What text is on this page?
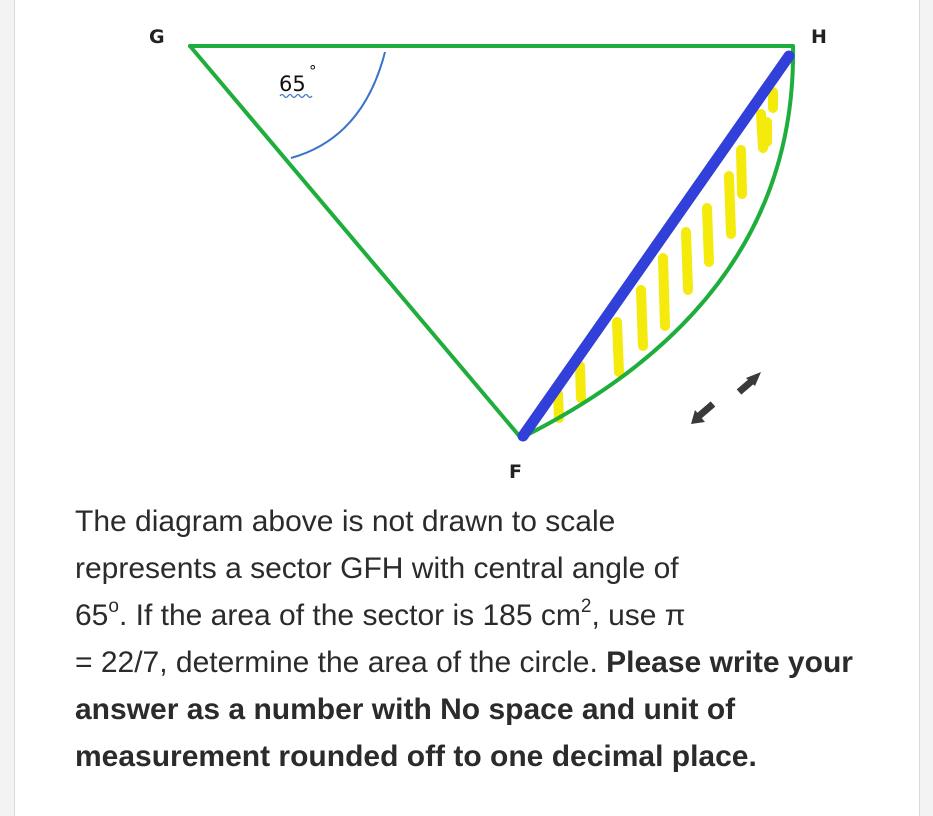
G	H
F
65
°
The diagram above is not drawn to scale
represents a sector GFH with central angle of
65$^o$. If the area of the sector is 185 $cm^2$, use π
= 22/7, determine the area of the circle. Please write your answer as a number with No space and unit of measurement rounded off to one decimal place.
